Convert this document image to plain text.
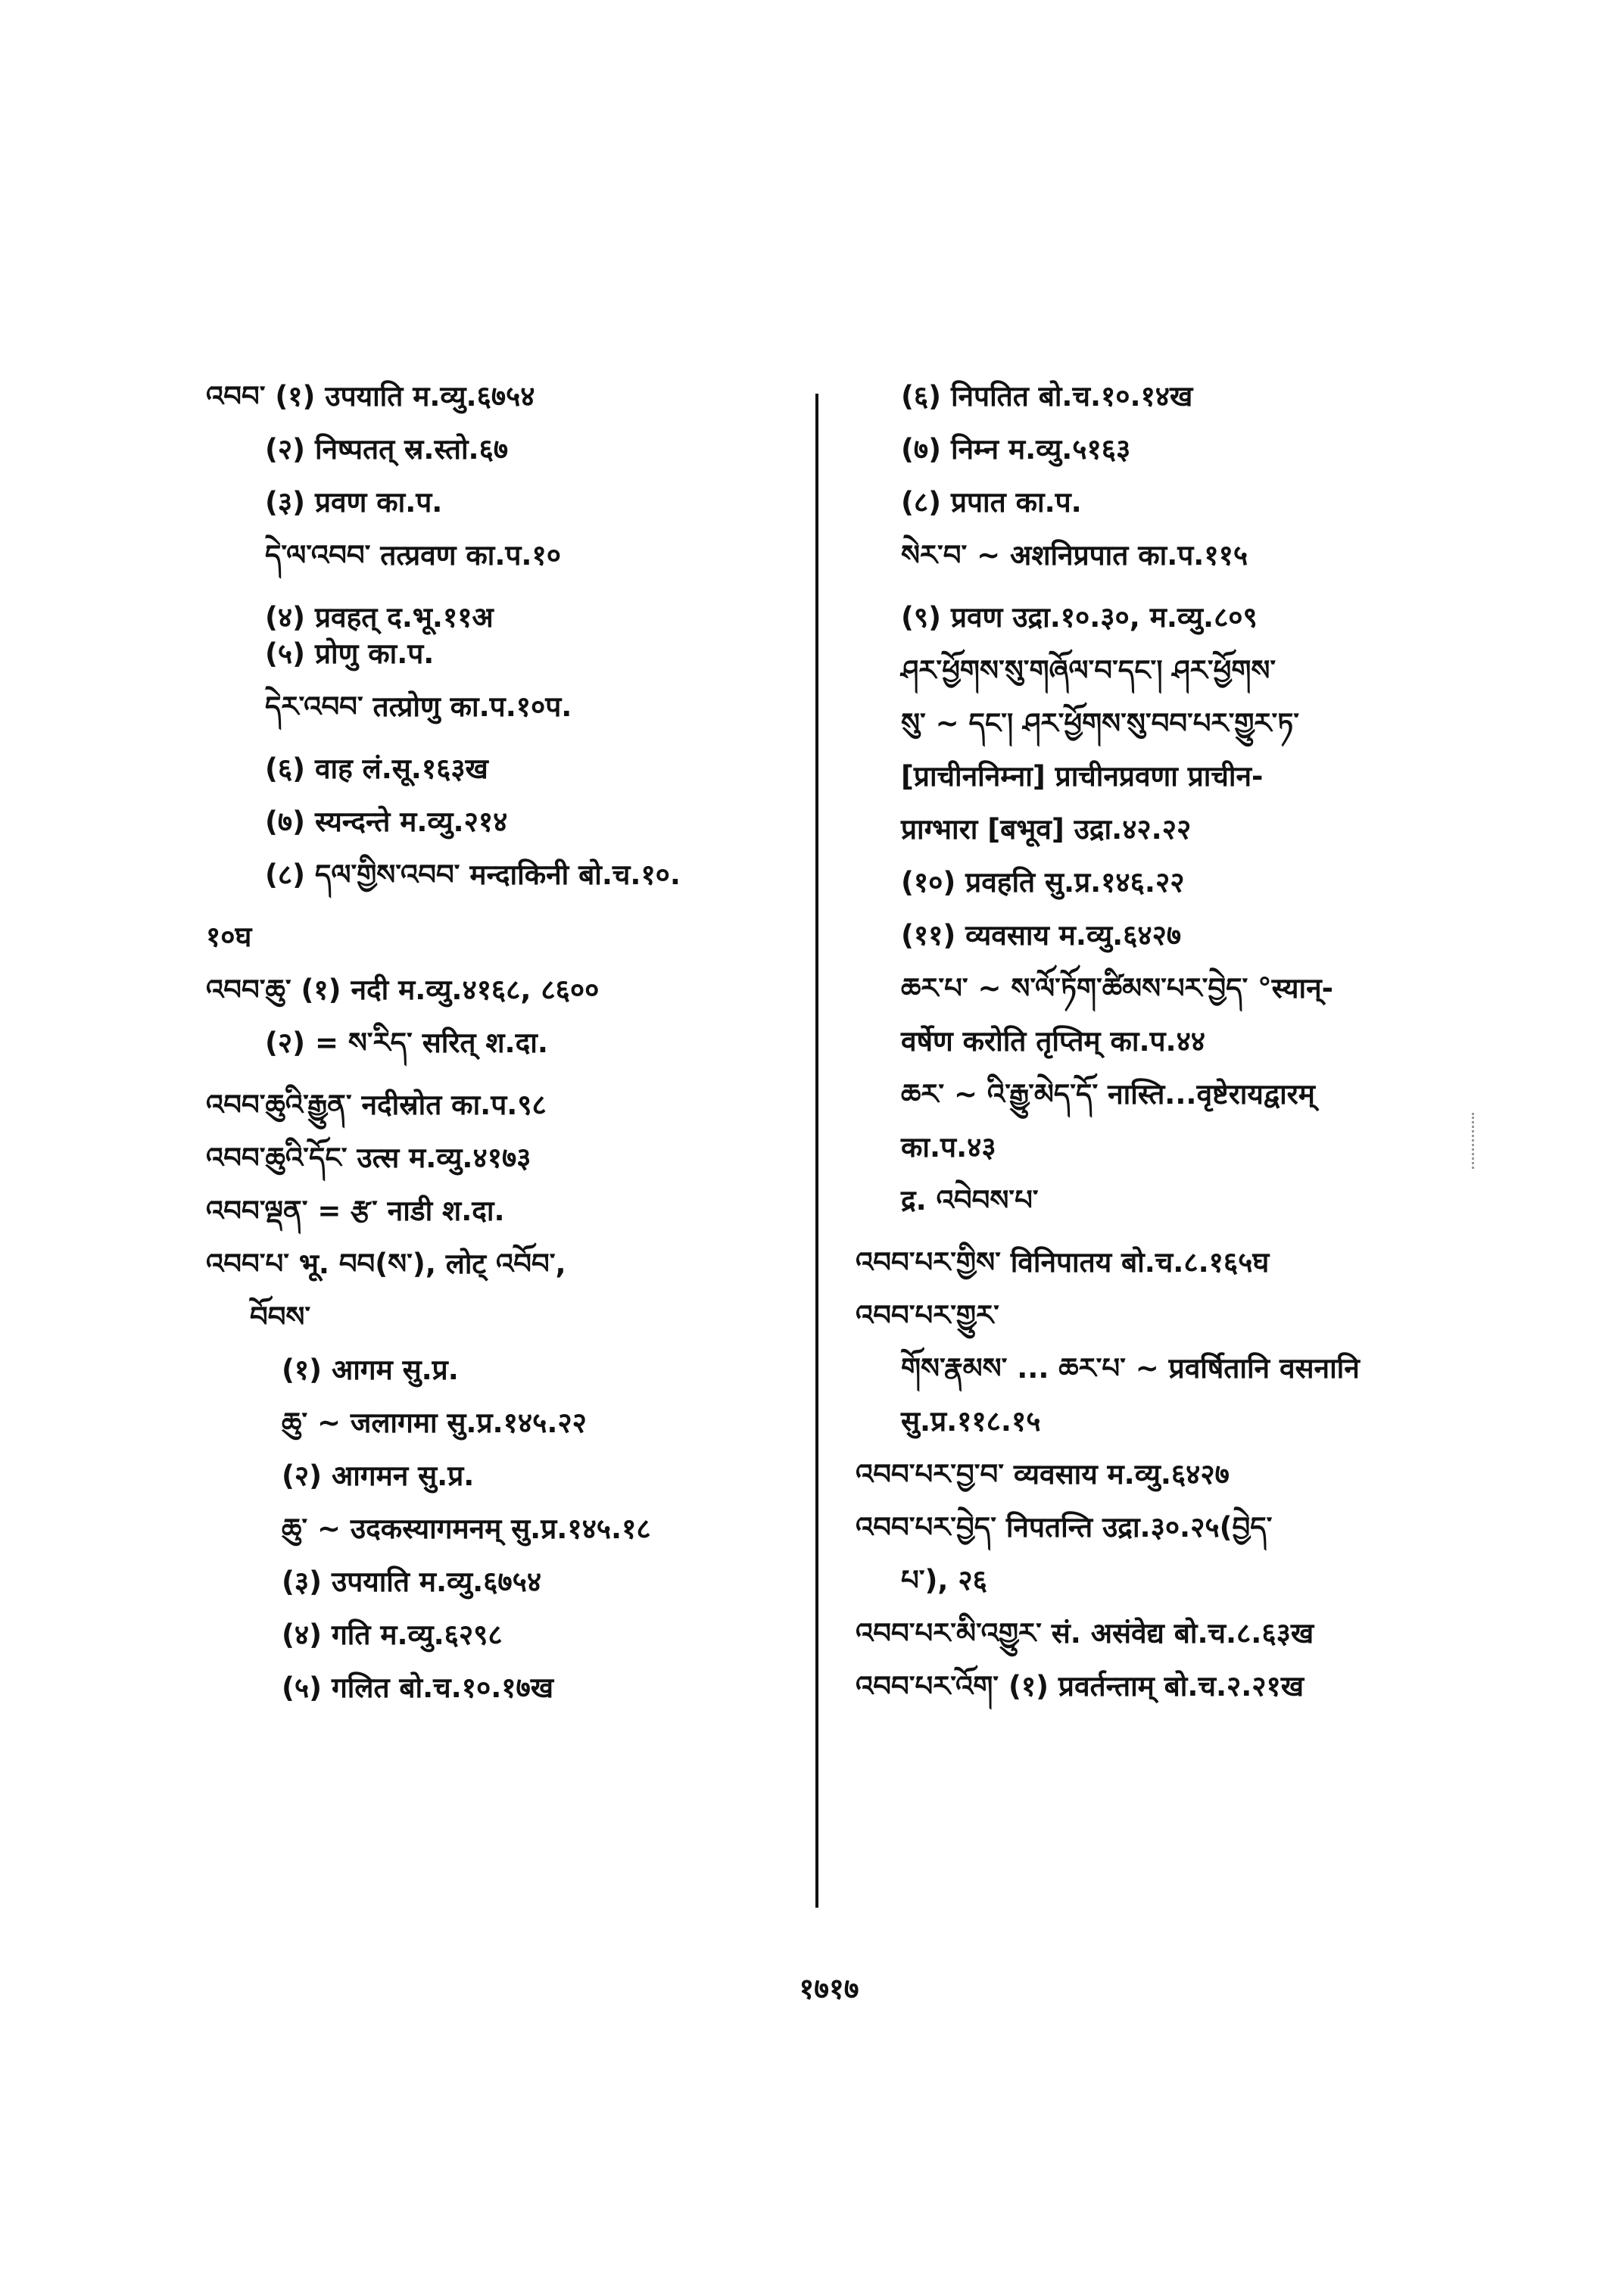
འབབ་ (१) उपयाति म.व्यु.६७५४
(२) निष्पतत् स्र.स्तो.६७
(३) प्रवण का.प.
དེ་ལ་འབབ་ तत्प्रवण का.प.१०
(४) प्रवहत् द.भू.११अ
(५) प्रोणु का.प.
དེར་འབབ་ तत्प्रोणु का.प.१०प.
(६) वाह लं.सू.१६३ख
(७) स्यन्दन्ते म.व्यु.२१४
(८) དལ་གྱིས་འབབ་ मन्दाकिनी बो.च.१०.
१०घ
འབབ་ཆུ་ (१) नदी म.व्यु.४१६८, ८६००
(२) = ས་རིད་ सरित् श.दा.
འབབ་ཆུའི་རྒྱུན་ नदीस्रोत का.प.९८
འབབ་ཆུའི་དོང་ उत्स म.व्यु.४१७३
འབབ་ལྡན་ = རྩ་ नाडी श.दा.
འབབ་པ་ भू. བབ(ས་), लोट् འབོབ་,
བོབས་
(१) आगम सु.प्र.
ཆུ་ ~ जलागमा सु.प्र.१४५.२२
(२) आगमन सु.प्र.
ཆུ་ ~ उदकस्यागमनम् सु.प्र.१४५.१८
(३) उपयाति म.व्यु.६७५४
(४) गति म.व्यु.६२९८
(५) गलित बो.च.१०.१७ख
(६) निपतित बो.च.१०.१४ख
(७) निम्न म.व्यु.५१६३
(८) प्रपात का.प.
སེར་བ་ ~ अशनिप्रपात का.प.११५
(९) प्रवण उद्रा.१०.३०, म.व्यु.८०९
ཤར་ཕྱོགས་སུ་གཞོལ་བ་དང་། ཤར་ཕྱོགས་
སུ་ ~ དང་། ཤར་ཕྱོགས་སུ་བབ་པར་གྱུར་ཏ་
[प्राचीननिम्ना] प्राचीनप्रवणा प्राचीन-
प्राग्भारा [बभूव] उद्रा.४२.२२
(१०) प्रवहति सु.प्र.१४६.२२
(११) व्यवसाय म.व्यु.६४२७
ཆར་པ་ ~ ས་ལོ་ཏོག་ཚིམས་པར་བྱེད་ °स्यान्-
वर्षेण करोति तृप्तिम् का.प.४४
ཆར་ ~ འི་རྒྱུ་མེད་དོ་ नास्ति...वृष्टेरायद्वारम्
का.प.४३
द्र. འབེབས་པ་
འབབ་པར་གྱིས་ विनिपातय बो.च.८.१६५घ
འབབ་པར་གྱུར་
གོས་རྣམས་ ... ཆར་པ་ ~ प्रवर्षितानि वसनानि
सु.प्र.११८.१५
འབབ་པར་བྱ་བ་ व्यवसाय म.व्यु.६४२७
འབབ་པར་བྱེད་ निपतन्ति उद्रा.३०.२५(བྱེད་
པ་), २६
འབབ་པར་མི་འགྱུར་ सं. असंवेद्य बो.च.८.६३ख
འབབ་པར་འོག་ (१) प्रवर्तन्ताम् बो.च.२.२१ख
१७१७
